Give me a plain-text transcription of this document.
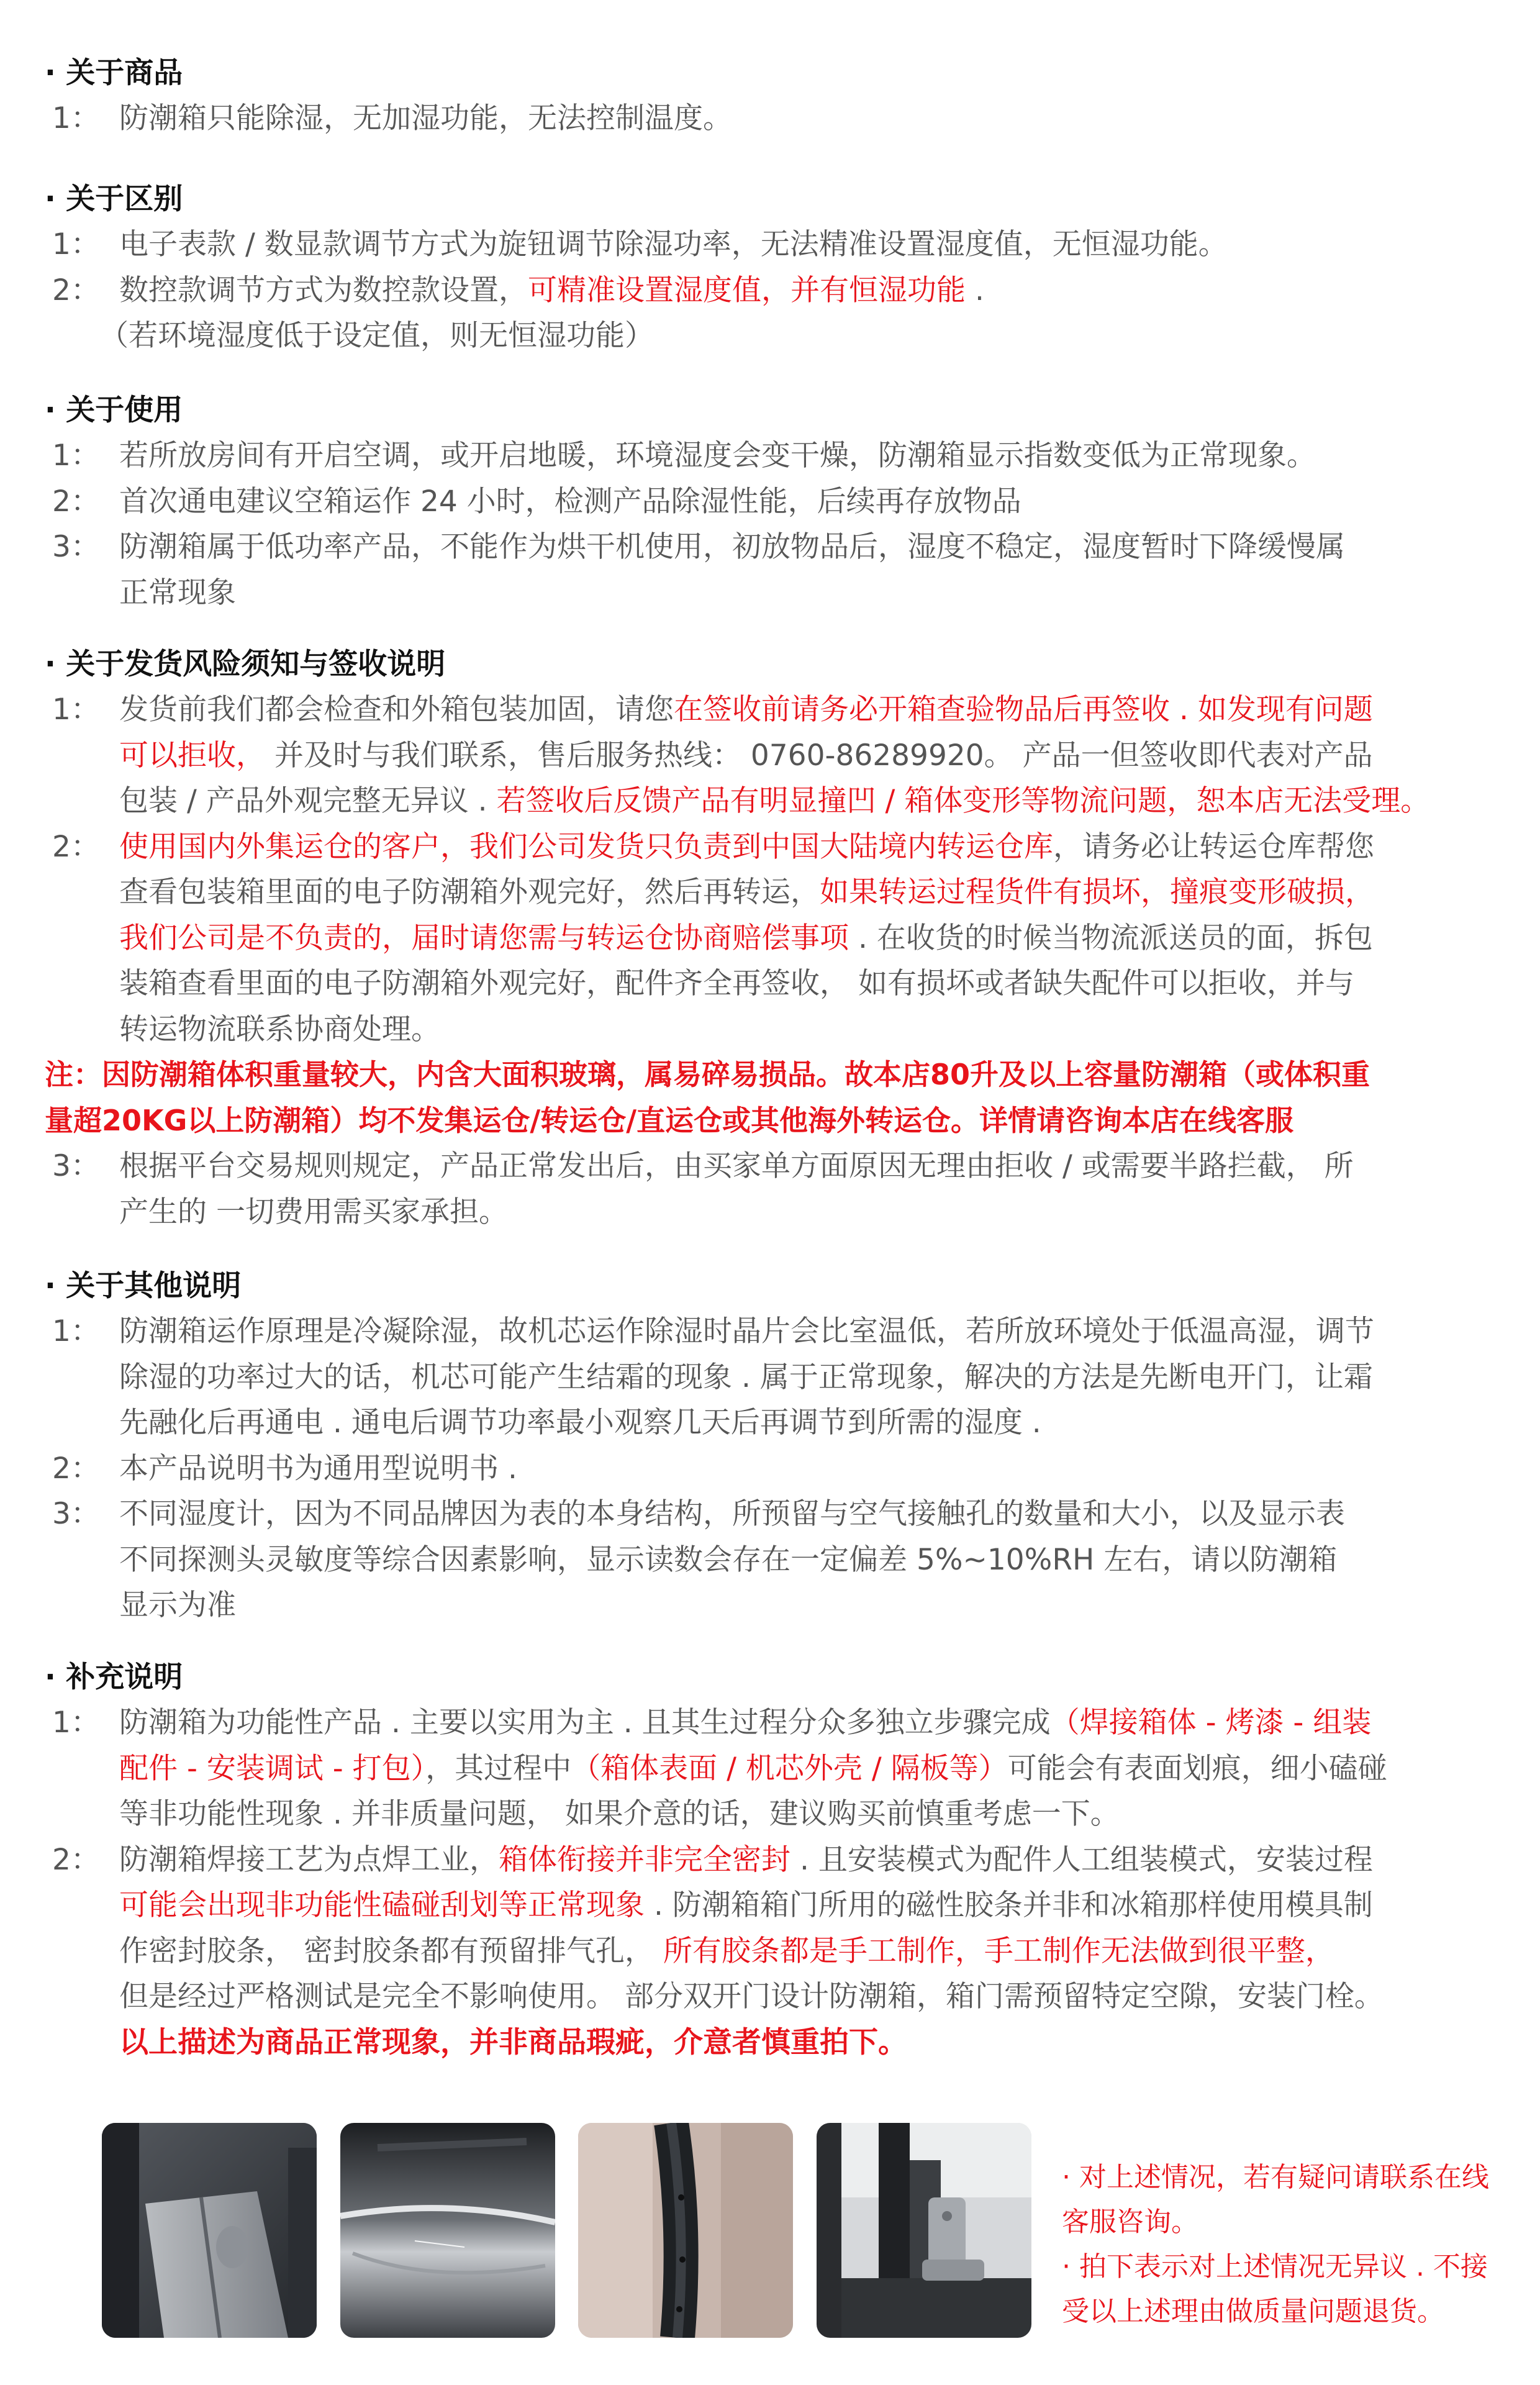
· 关于商品
1： 防潮箱只能除湿，无加湿功能，无法控制温度。
· 关于区别
1： 电子表款 / 数显款调节方式为旋钮调节除湿功率，无法精准设置湿度值，无恒湿功能。
2： 数控款调节方式为数控款设置，可精准设置湿度值，并有恒湿功能 .
（若环境湿度低于设定值，则无恒湿功能）
· 关于使用
1： 若所放房间有开启空调，或开启地暖，环境湿度会变干燥，防潮箱显示指数变低为正常现象。
2： 首次通电建议空箱运作 24 小时，检测产品除湿性能，后续再存放物品
3： 防潮箱属于低功率产品，不能作为烘干机使用，初放物品后，湿度不稳定，湿度暂时下降缓慢属
正常现象
· 关于发货风险须知与签收说明
1： 发货前我们都会检查和外箱包装加固，请您在签收前请务必开箱查验物品后再签收 . 如发现有问题
可以拒收， 并及时与我们联系，售后服务热线： 0760-86289920。 产品一但签收即代表对产品
包装 / 产品外观完整无异议 . 若签收后反馈产品有明显撞凹 / 箱体变形等物流问题，恕本店无法受理。
2： 使用国内外集运仓的客户，我们公司发货只负责到中国大陆境内转运仓库，请务必让转运仓库帮您
查看包装箱里面的电子防潮箱外观完好，然后再转运，如果转运过程货件有损坏，撞痕变形破损，
我们公司是不负责的，届时请您需与转运仓协商赔偿事项 . 在收货的时候当物流派送员的面，拆包
装箱查看里面的电子防潮箱外观完好，配件齐全再签收， 如有损坏或者缺失配件可以拒收，并与
转运物流联系协商处理。
注：因防潮箱体积重量较大，内含大面积玻璃，属易碎易损品。故本店80升及以上容量防潮箱（或体积重
量超20KG以上防潮箱）均不发集运仓/转运仓/直运仓或其他海外转运仓。详情请咨询本店在线客服
3： 根据平台交易规则规定，产品正常发出后，由买家单方面原因无理由拒收 / 或需要半路拦截， 所
产生的 一切费用需买家承担。
· 关于其他说明
1： 防潮箱运作原理是冷凝除湿，故机芯运作除湿时晶片会比室温低，若所放环境处于低温高湿，调节
除湿的功率过大的话，机芯可能产生结霜的现象 . 属于正常现象，解决的方法是先断电开门，让霜
先融化后再通电 . 通电后调节功率最小观察几天后再调节到所需的湿度 .
2： 本产品说明书为通用型说明书 .
3： 不同湿度计，因为不同品牌因为表的本身结构，所预留与空气接触孔的数量和大小，以及显示表
不同探测头灵敏度等综合因素影响，显示读数会存在一定偏差 5%~10%RH 左右，请以防潮箱
显示为准
· 补充说明
1： 防潮箱为功能性产品 . 主要以实用为主 . 且其生过程分众多独立步骤完成（焊接箱体 - 烤漆 - 组装
配件 - 安装调试 - 打包），其过程中（箱体表面 / 机芯外壳 / 隔板等）可能会有表面划痕，细小磕碰
等非功能性现象 . 并非质量问题， 如果介意的话，建议购买前慎重考虑一下。
2： 防潮箱焊接工艺为点焊工业，箱体衔接并非完全密封 . 且安装模式为配件人工组装模式，安装过程
可能会出现非功能性磕碰刮划等正常现象 . 防潮箱箱门所用的磁性胶条并非和冰箱那样使用模具制
作密封胶条， 密封胶条都有预留排气孔， 所有胶条都是手工制作，手工制作无法做到很平整，
但是经过严格测试是完全不影响使用。 部分双开门设计防潮箱，箱门需预留特定空隙，安装门栓。
以上描述为商品正常现象，并非商品瑕疵，介意者慎重拍下。
· 对上述情况，若有疑问请联系在线
客服咨询。
· 拍下表示对上述情况无异议 . 不接
受以上述理由做质量问题退货。
